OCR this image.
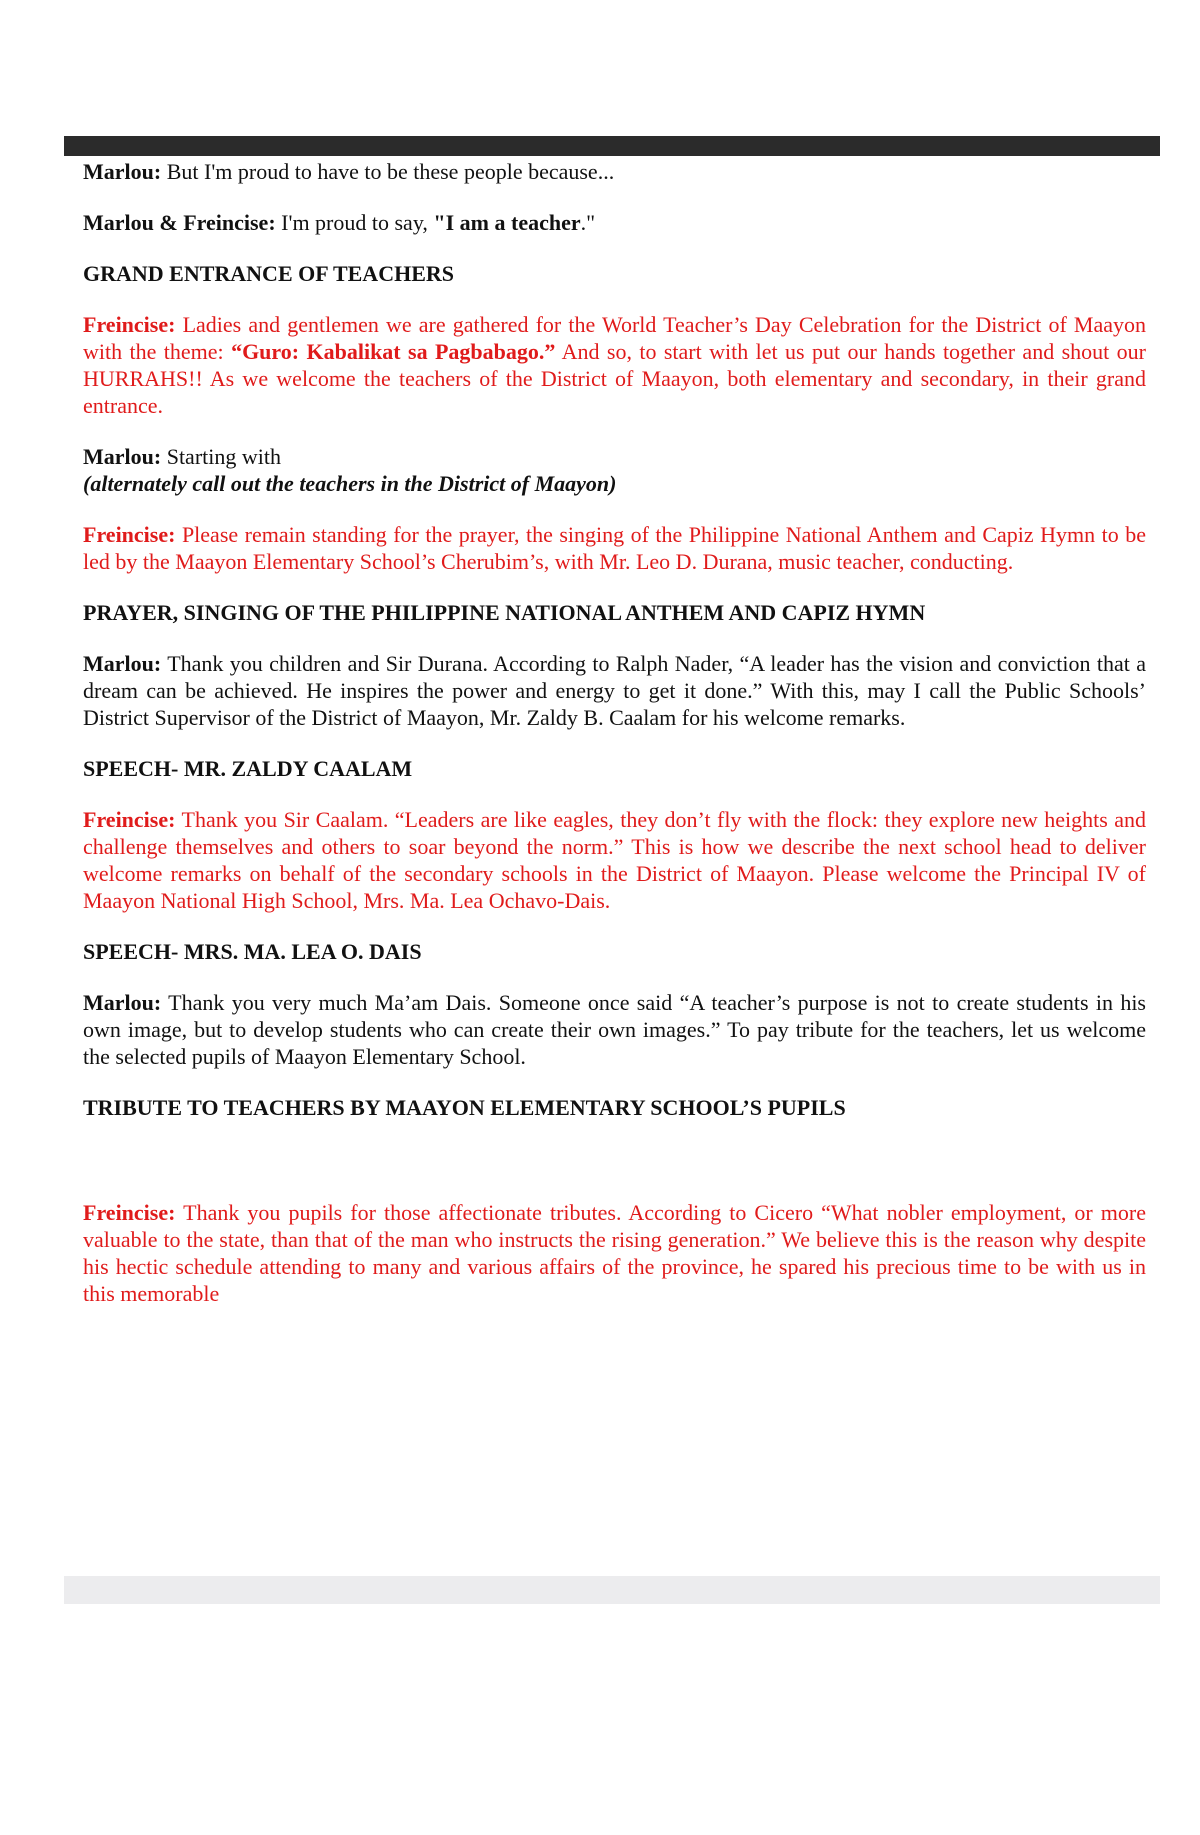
Marlou: But I'm proud to have to be these people because...

Marlou & Freincise: I'm proud to say, "I am a teacher."

GRAND ENTRANCE OF TEACHERS

Freincise: Ladies and gentlemen we are gathered for the World Teacher’s Day Celebration for the District of Maayon with the theme: “Guro: Kabalikat sa Pagbabago.” And so, to start with let us put our hands together and shout our HURRAHS!! As we welcome the teachers of the District of Maayon, both elementary and secondary, in their grand entrance.

Marlou: Starting with
(alternately call out the teachers in the District of Maayon)

Freincise: Please remain standing for the prayer, the singing of the Philippine National Anthem and Capiz Hymn to be led by the Maayon Elementary School’s Cherubim’s, with Mr. Leo D. Durana, music teacher, conducting.

PRAYER, SINGING OF THE PHILIPPINE NATIONAL ANTHEM AND CAPIZ HYMN

Marlou: Thank you children and Sir Durana. According to Ralph Nader, “A leader has the vision and conviction that a dream can be achieved. He inspires the power and energy to get it done.” With this, may I call the Public Schools’ District Supervisor of the District of Maayon, Mr. Zaldy B. Caalam for his welcome remarks.

SPEECH- MR. ZALDY CAALAM

Freincise: Thank you Sir Caalam. “Leaders are like eagles, they don’t fly with the flock: they explore new heights and challenge themselves and others to soar beyond the norm.” This is how we describe the next school head to deliver welcome remarks on behalf of the secondary schools in the District of Maayon. Please welcome the Principal IV of Maayon National High School, Mrs. Ma. Lea Ochavo-Dais.

SPEECH- MRS. MA. LEA O. DAIS

Marlou: Thank you very much Ma’am Dais. Someone once said “A teacher’s purpose is not to create students in his own image, but to develop students who can create their own images.” To pay tribute for the teachers, let us welcome the selected pupils of Maayon Elementary School.

TRIBUTE TO TEACHERS BY MAAYON ELEMENTARY SCHOOL’S PUPILS

Freincise: Thank you pupils for those affectionate tributes. According to Cicero “What nobler employment, or more valuable to the state, than that of the man who instructs the rising generation.” We believe this is the reason why despite his hectic schedule attending to many and various affairs of the province, he spared his precious time to be with us in this memorable
